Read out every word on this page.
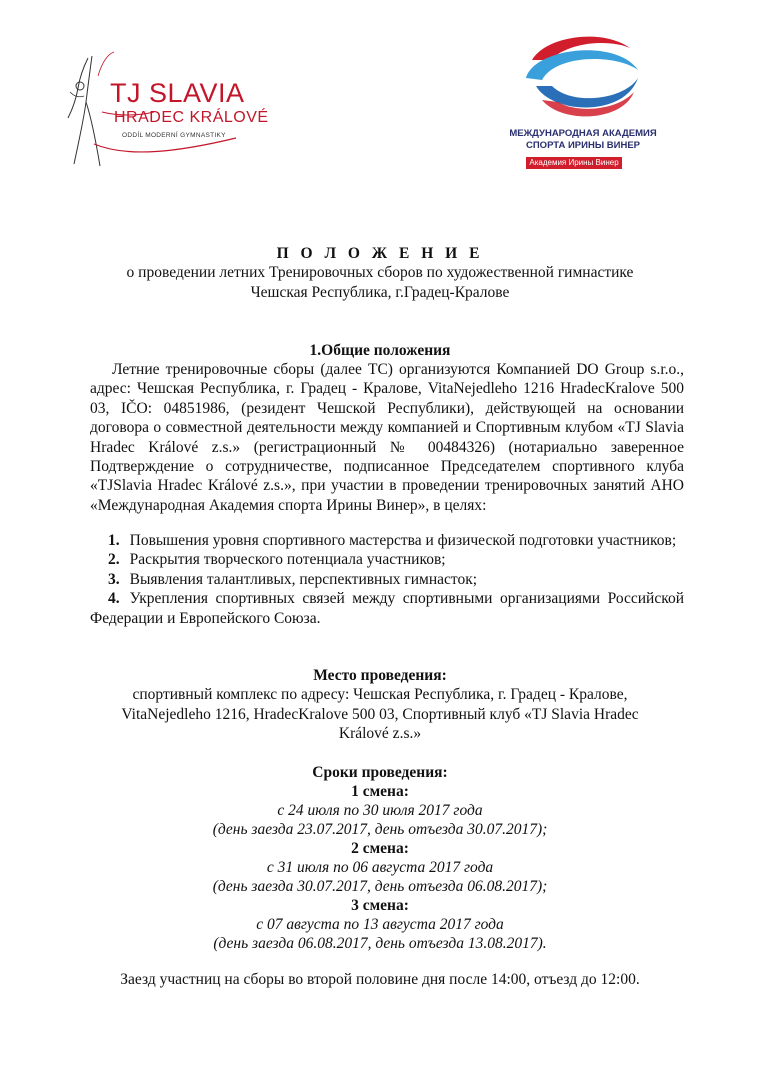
TJ SLAVIA
HRADEC KRÁLOVÉ
ODDÍL MODERNÍ GYMNASTIKY	МЕЖДУНАРОДНАЯ АКАДЕМИЯ
СПОРТА ИРИНЫ ВИНЕР
Академия Ирины Винер
П О Л О Ж Е Н И Е
о проведении летних Тренировочных сборов по художественной гимнастике
Чешская Республика, г.Градец-Кралове
1.Общие положения
Летние тренировочные сборы (далее ТС) организуются Компанией DO Group s.r.o., адрес: Чешская Республика, г. Градец - Кралове, VitaNejedleho 1216 HradecKralove 500 03, IČO: 04851986, (резидент Чешской Республики), действующей на основании договора о совместной деятельности между компанией и Спортивным клубом «TJ Slavia Hradec Králové z.s.» (регистрационный № 00484326) (нотариально заверенное Подтверждение о сотрудничестве, подписанное Председателем спортивного клуба «TJSlavia Hradec Králové z.s.», при участии в проведении тренировочных занятий АНО «Международная Академия спорта Ирины Винер», в целях:
1. Повышения уровня спортивного мастерства и физической подготовки участников;
2. Раскрытия творческого потенциала участников;
3. Выявления талантливых, перспективных гимнасток;
4. Укрепления спортивных связей между спортивными организациями Российской Федерации и Европейского Союза.
Место проведения:
спортивный комплекс по адресу: Чешская Республика, г. Градец - Кралове,
VitaNejedleho 1216, HradecKralove 500 03, Спортивный клуб «TJ Slavia Hradec
Králové z.s.»
Сроки проведения:
1 смена:
с 24 июля по 30 июля 2017 года
(день заезда 23.07.2017, день отъезда 30.07.2017);
2 смена:
с 31 июля по 06 августа 2017 года
(день заезда 30.07.2017, день отъезда 06.08.2017);
3 смена:
с 07 августа по 13 августа 2017 года
(день заезда 06.08.2017, день отъезда 13.08.2017).
Заезд участниц на сборы во второй половине дня после 14:00, отъезд до 12:00.
